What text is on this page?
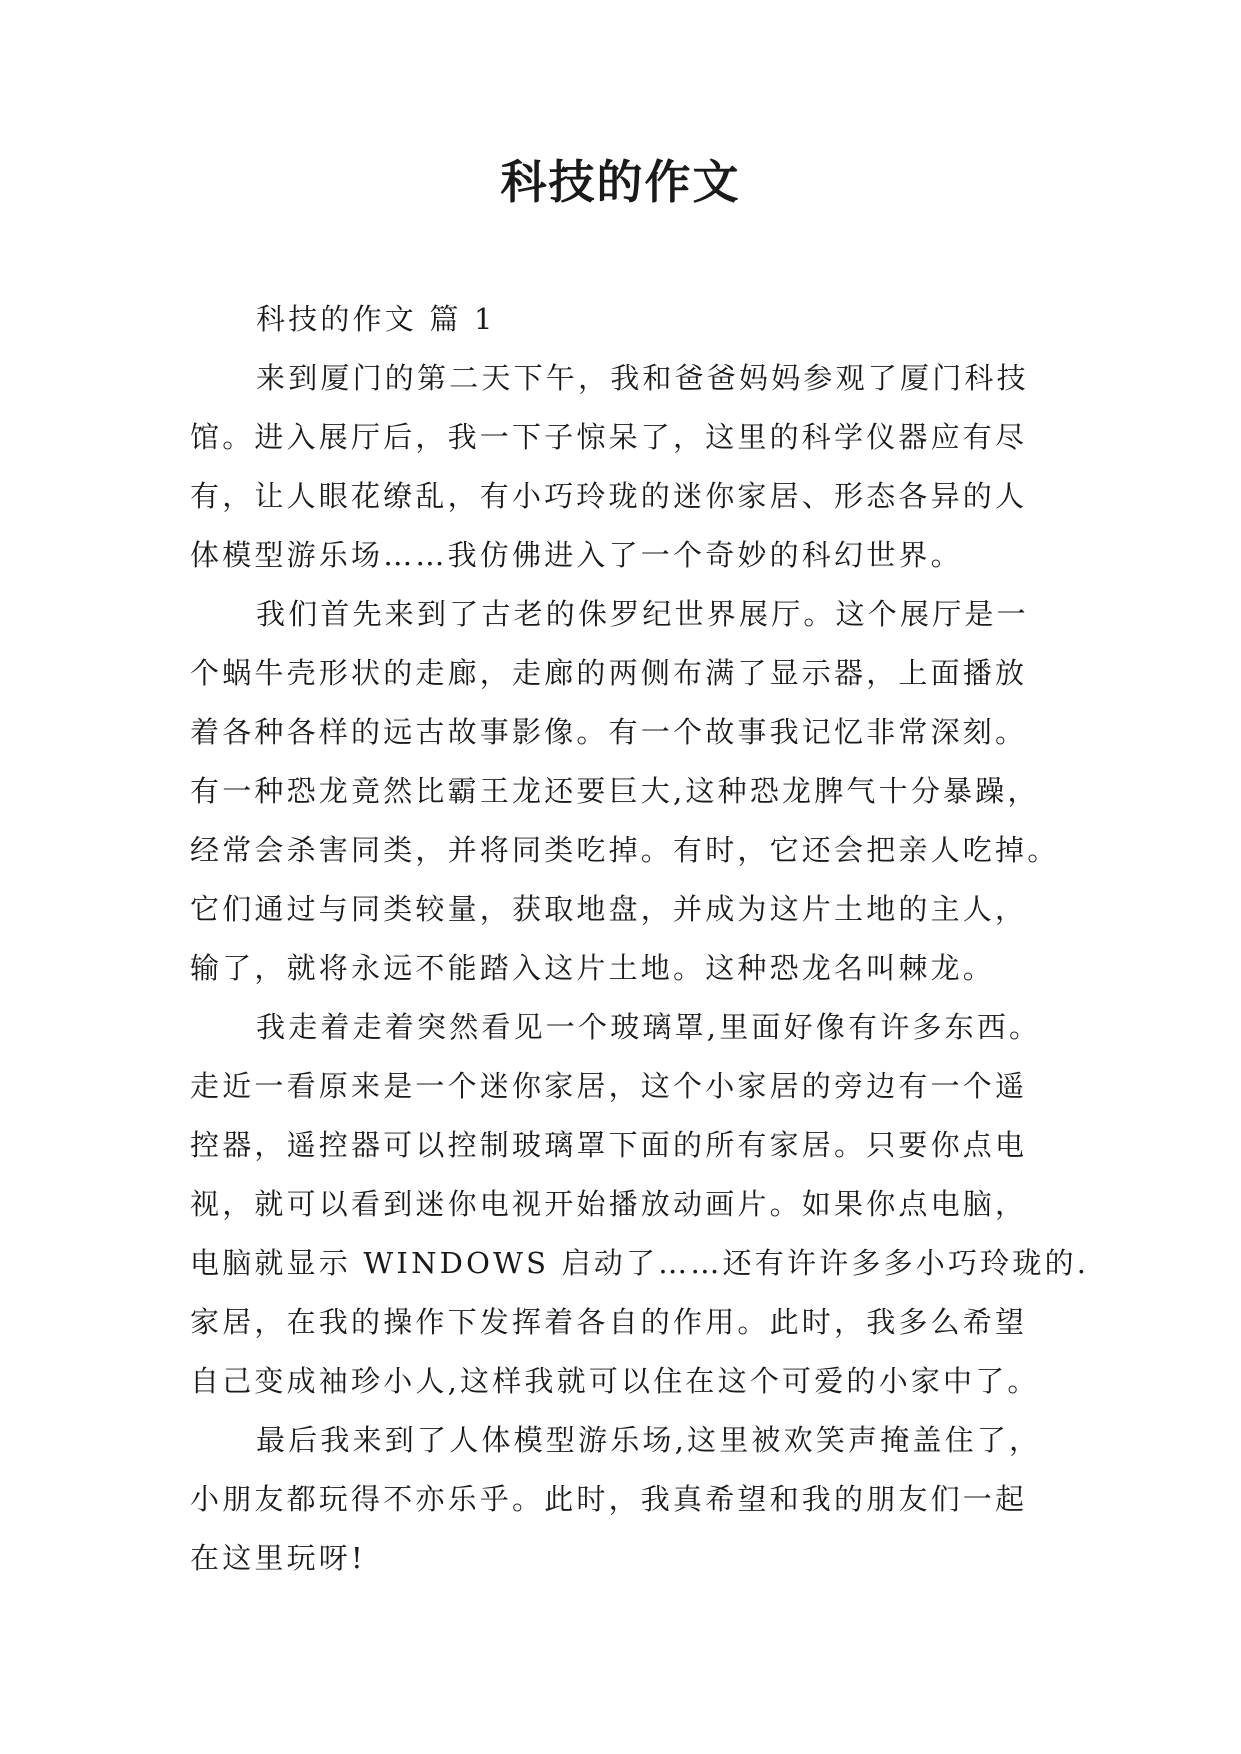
科技的作文
科技的作文 篇 1
来到厦门的第二天下午，我和爸爸妈妈参观了厦门科技
馆。进入展厅后，我一下子惊呆了，这里的科学仪器应有尽
有，让人眼花缭乱，有小巧玲珑的迷你家居、形态各异的人
体模型游乐场……我仿佛进入了一个奇妙的科幻世界。
我们首先来到了古老的侏罗纪世界展厅。这个展厅是一
个蜗牛壳形状的走廊，走廊的两侧布满了显示器，上面播放
着各种各样的远古故事影像。有一个故事我记忆非常深刻。
有一种恐龙竟然比霸王龙还要巨大,这种恐龙脾气十分暴躁，
经常会杀害同类，并将同类吃掉。有时，它还会把亲人吃掉。
它们通过与同类较量，获取地盘，并成为这片土地的主人，
输了，就将永远不能踏入这片土地。这种恐龙名叫棘龙。
我走着走着突然看见一个玻璃罩,里面好像有许多东西。
走近一看原来是一个迷你家居，这个小家居的旁边有一个遥
控器，遥控器可以控制玻璃罩下面的所有家居。只要你点电
视，就可以看到迷你电视开始播放动画片。如果你点电脑，
电脑就显示 WINDOWS 启动了……还有许许多多小巧玲珑的.
家居，在我的操作下发挥着各自的作用。此时，我多么希望
自己变成袖珍小人,这样我就可以住在这个可爱的小家中了。
最后我来到了人体模型游乐场,这里被欢笑声掩盖住了，
小朋友都玩得不亦乐乎。此时，我真希望和我的朋友们一起
在这里玩呀!
